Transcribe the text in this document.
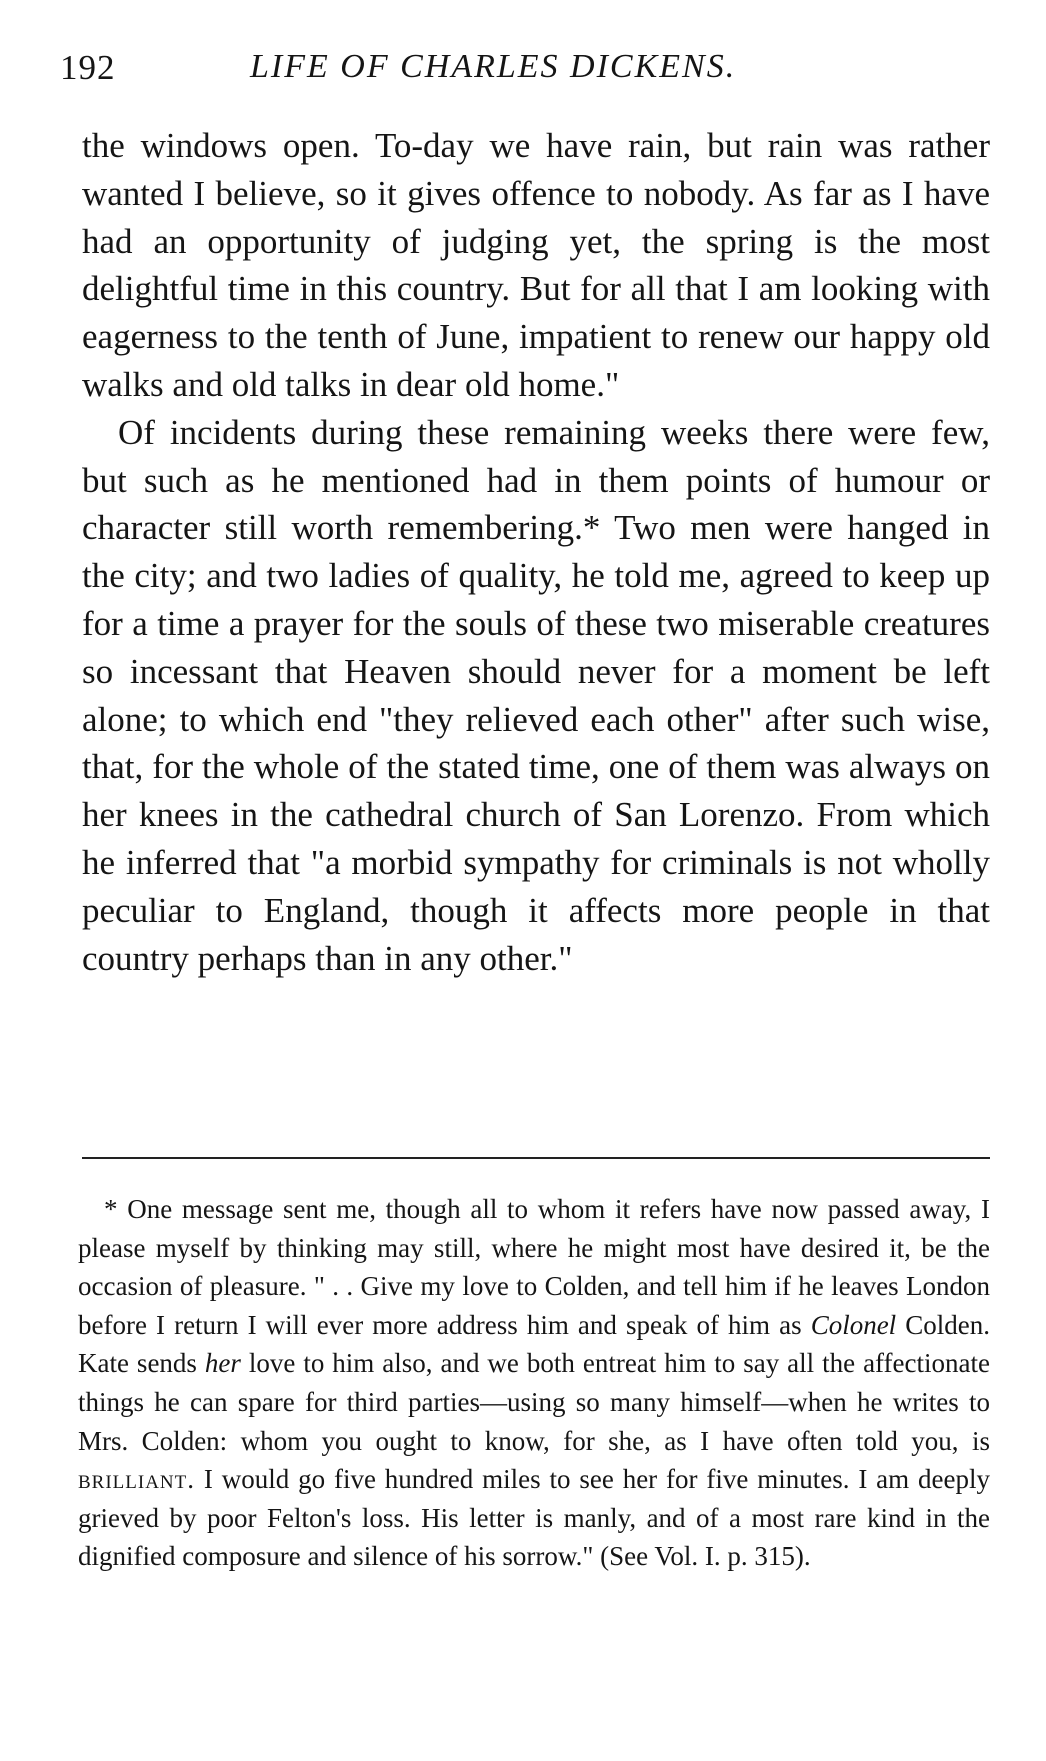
192	LIFE OF CHARLES DICKENS.

the windows open. To-day we have rain, but rain was rather wanted I believe, so it gives offence to nobody. As far as I have had an opportunity of judging yet, the spring is the most delightful time in this country. But for all that I am looking with eagerness to the tenth of June, impatient to renew our happy old walks and old talks in dear old home."

Of incidents during these remaining weeks there were few, but such as he mentioned had in them points of humour or character still worth remembering.* Two men were hanged in the city; and two ladies of quality, he told me, agreed to keep up for a time a prayer for the souls of these two miserable creatures so incessant that Heaven should never for a moment be left alone; to which end "they relieved each other" after such wise, that, for the whole of the stated time, one of them was always on her knees in the cathedral church of San Lorenzo. From which he inferred that "a morbid sympathy for criminals is not wholly peculiar to England, though it affects more people in that country perhaps than in any other."

* One message sent me, though all to whom it refers have now passed away, I please myself by thinking may still, where he might most have desired it, be the occasion of pleasure. " . . Give my love to Colden, and tell him if he leaves London before I return I will ever more address him and speak of him as Colonel Colden. Kate sends her love to him also, and we both entreat him to say all the affectionate things he can spare for third parties—using so many himself—when he writes to Mrs. Colden: whom you ought to know, for she, as I have often told you, is brilliant. I would go five hundred miles to see her for five minutes. I am deeply grieved by poor Felton's loss. His letter is manly, and of a most rare kind in the dignified composure and silence of his sorrow." (See Vol. I. p. 315).
